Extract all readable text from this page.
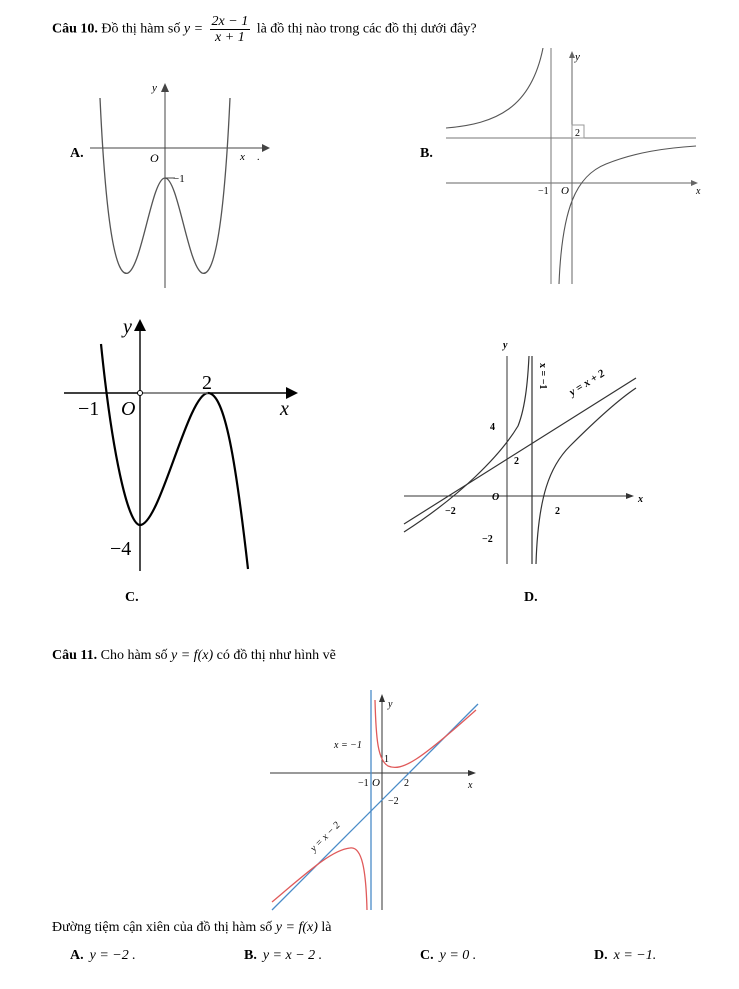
Câu 10. Đồ thị hàm số $y = \frac{2x - 1}{x + 1}$ là đồ thị nào trong các đồ thị dưới đây?
A.	B.
C.	D.
y
O	x .
−1
y
2
−1 O	x
y
2
−1 O	x
−4
y
x = −1 y = x + 2
4
2
O
−2	2
−2
x
Câu 11. Cho hàm số y = f(x) có đồ thị như hình vẽ
y
x = −1
1
−1 O 2	x
−2
y = x − 2
Đường tiệm cận xiên của đồ thị hàm số y = f(x) là
A. y = −2 .	B. y = x − 2 .	C. y = 0 .	D. x = −1.
